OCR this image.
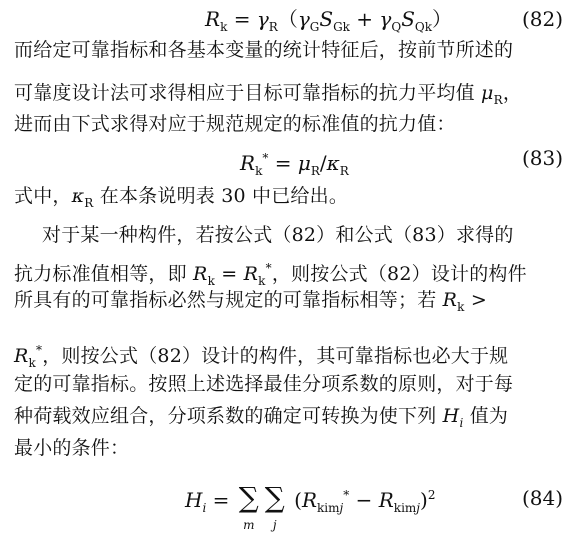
$R_k = \gamma_R(\gamma_GS_{Gk} + \gamma_QS_{Qk})$	(82)
而给定可靠指标和各基本变量的统计特征后，按前节所述的
可靠度设计法可求得相应于目标可靠指标的抗力平均值 $\mu_R$，
进而由下式求得对应于规范规定的标准值的抗力值：
$R_k^* = \mu_R/\kappa_R$
(83)
式中，$\kappa_R$ 在本条说明表 30 中已给出。
对于某一种构件，若按公式（82）和公式（83）求得的
抗力标准值相等，即 $R_k = R_k^*$，则按公式（82）设计的构件
所具有的可靠指标必然与规定的可靠指标相等；若 $R_k$ >
$R_k^*$，则按公式（82）设计的构件，其可靠指标也必大于规
定的可靠指标。按照上述选择最佳分项系数的原则，对于每
种荷载效应组合，分项系数的确定可转换为使下列 $H_i$ 值为
最小的条件：
$H_i$ = ∑
m
∑
j
$(R_{kimj}^* - R_{kimj})^2$	(84)
